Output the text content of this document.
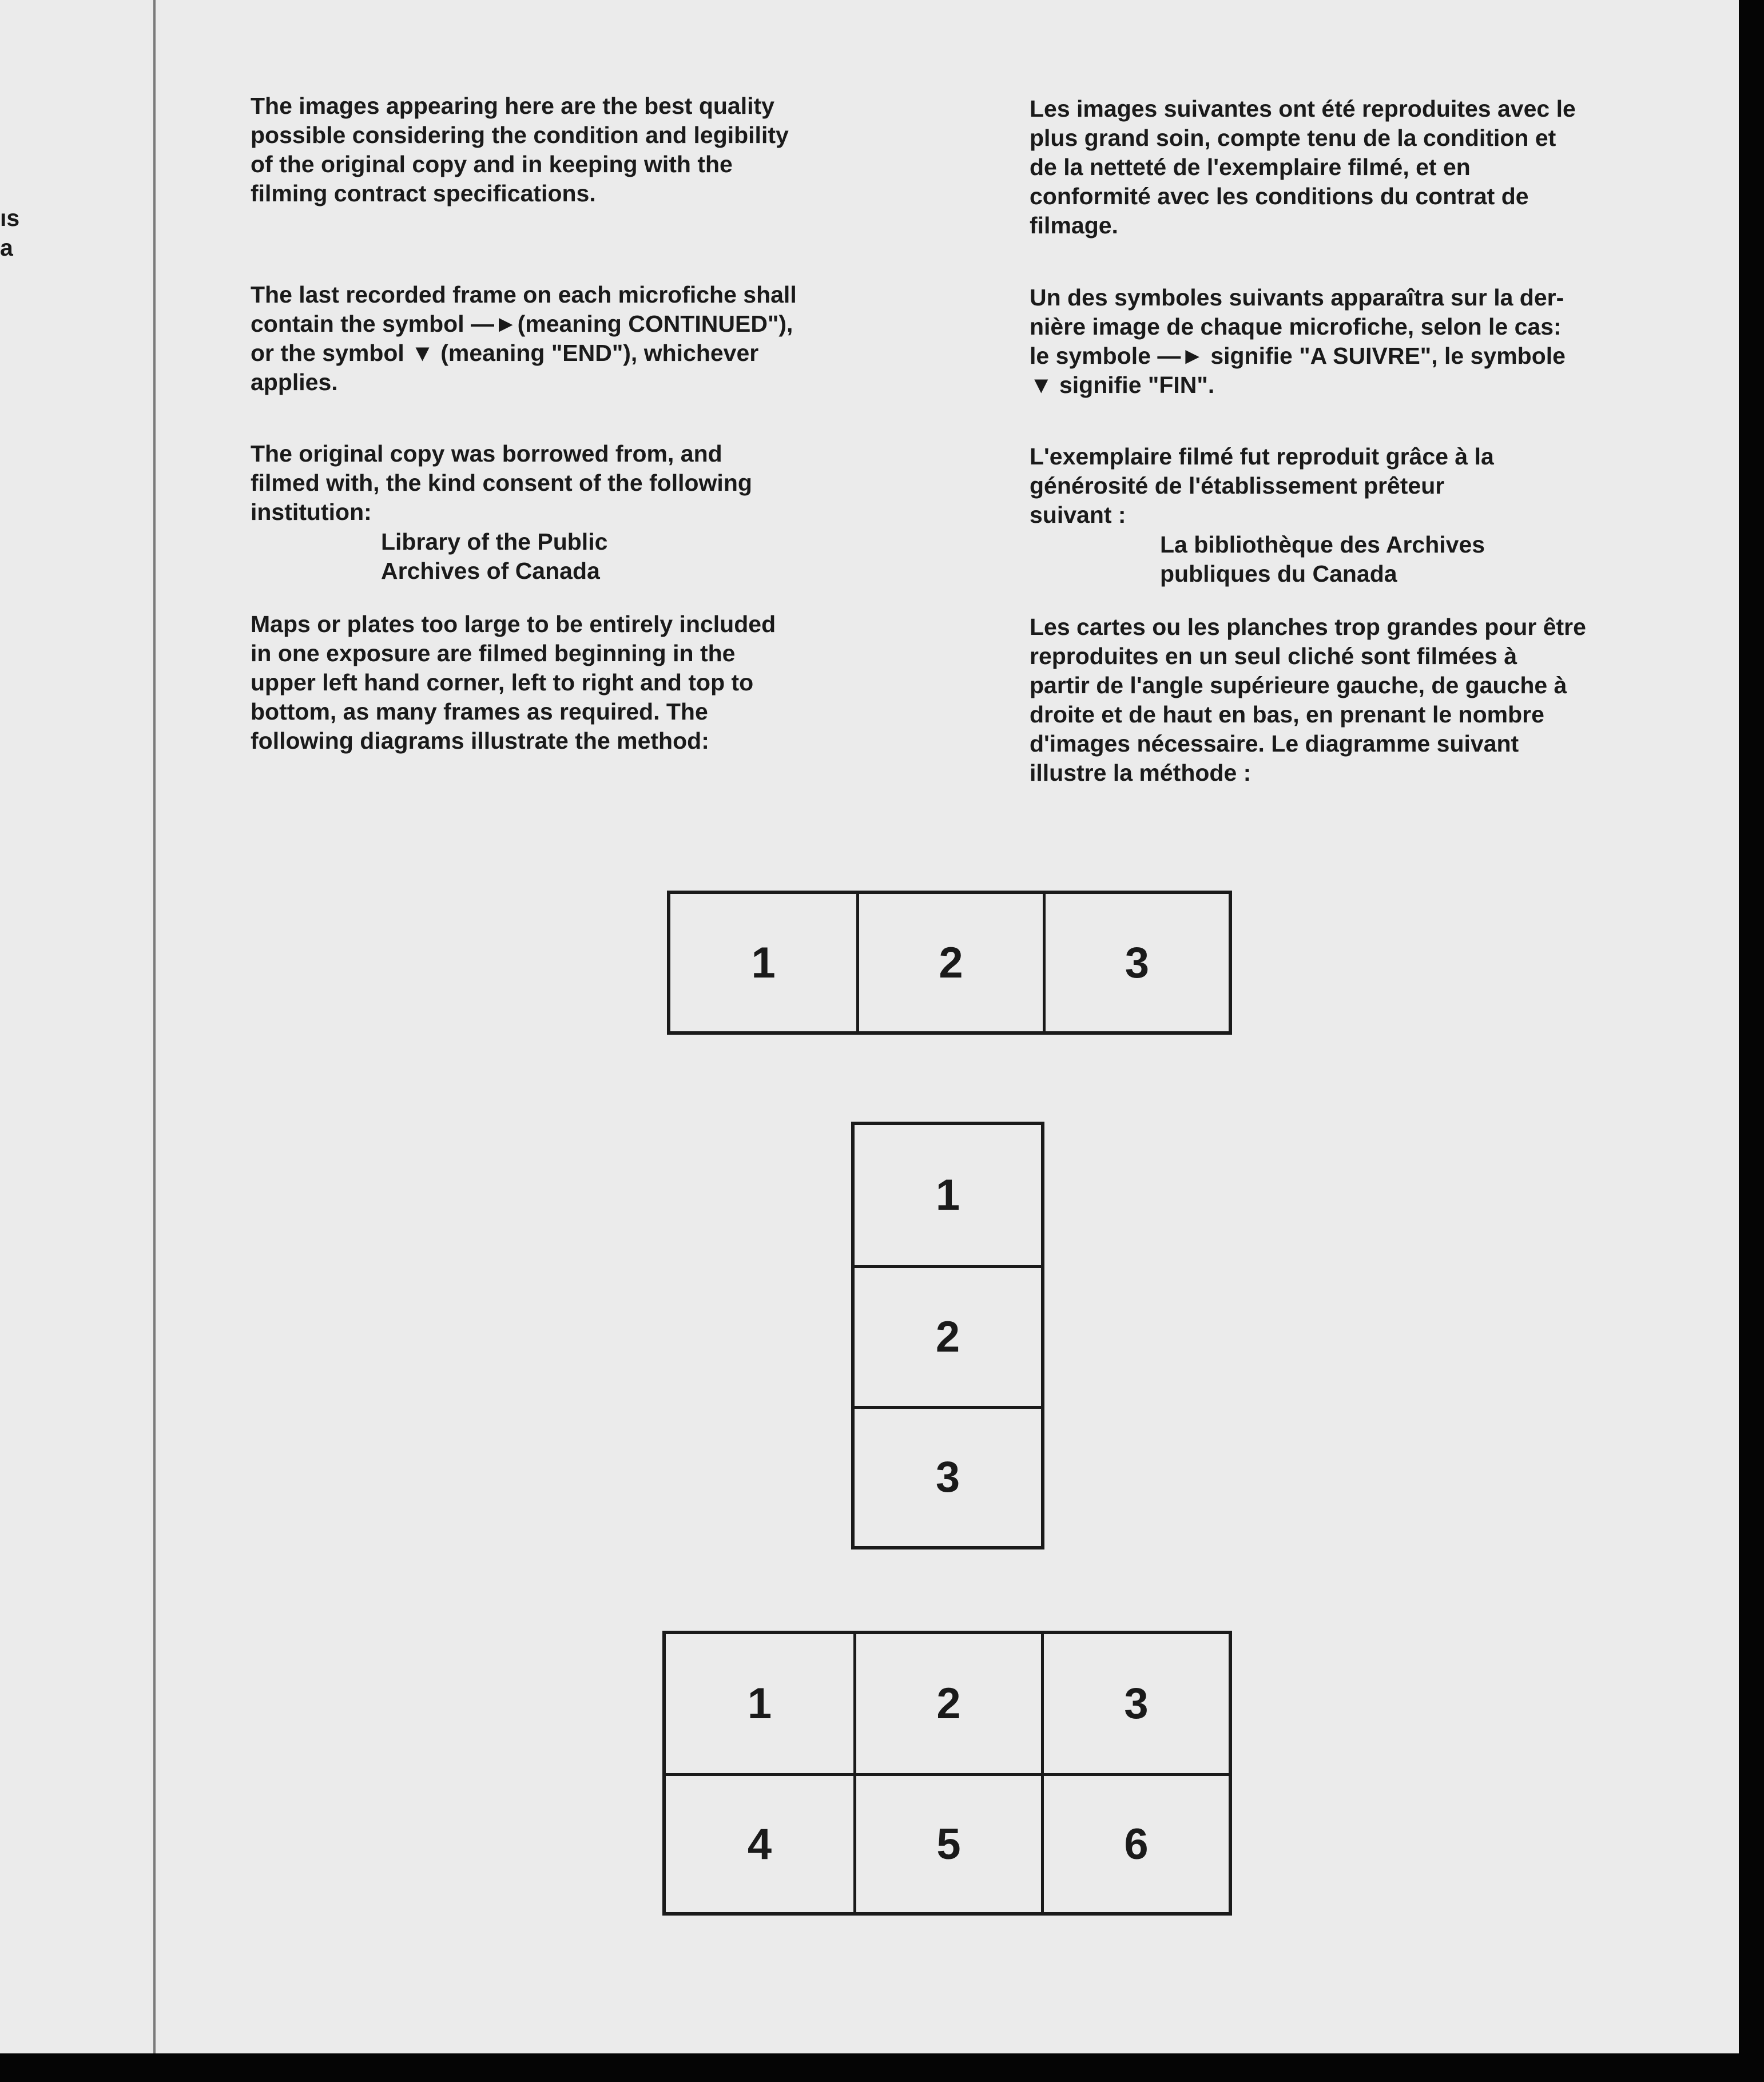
ıs
a

The images appearing here are the best quality
possible considering the condition and legibility
of the original copy and in keeping with the
filming contract specifications.

The last recorded frame on each microfiche shall
contain the symbol —►(meaning CONTINUED"),
or the symbol ▼ (meaning "END"), whichever
applies.

The original copy was borrowed from, and
filmed with, the kind consent of the following
institution:

Library of the Public
Archives of Canada

Maps or plates too large to be entirely included
in one exposure are filmed beginning in the
upper left hand corner, left to right and top to
bottom, as many frames as required. The
following diagrams illustrate the method:

Les images suivantes ont été reproduites avec le
plus grand soin, compte tenu de la condition et
de la netteté de l'exemplaire filmé, et en
conformité avec les conditions du contrat de
filmage.

Un des symboles suivants apparaîtra sur la der-
nière image de chaque microfiche, selon le cas:
le symbole —► signifie "A SUIVRE", le symbole
▼ signifie "FIN".

L'exemplaire filmé fut reproduit grâce à la
générosité de l'établissement prêteur
suivant :

La bibliothèque des Archives
publiques du Canada

Les cartes ou les planches trop grandes pour être
reproduites en un seul cliché sont filmées à
partir de l'angle supérieure gauche, de gauche à
droite et de haut en bas, en prenant le nombre
d'images nécessaire. Le diagramme suivant
illustre la méthode :

1	2	3
1
2
3
1	2	3
4	5	6
